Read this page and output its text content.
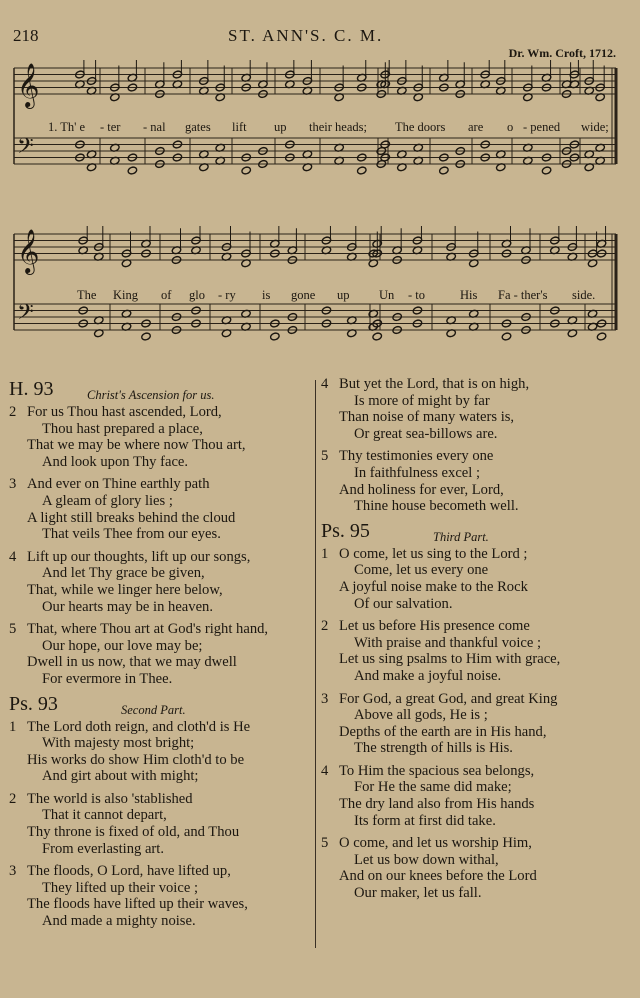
218	ST. ANN'S. C. M.
Dr. Wm. Croft, 1712.
𝄞
𝄢
1. Th' e - ter - nal gates lift up their heads; The doors are o - pened wide;
𝄞
𝄢
The King of glo - ry is gone up Un - to	His Fa - ther's side.
H. 93	Christ's Ascension for us.
2 For us Thou hast ascended, Lord,
Thou hast prepared a place,
That we may be where now Thou art,
And look upon Thy face.
3 And ever on Thine earthly path
A gleam of glory lies ;
A light still breaks behind the cloud
That veils Thee from our eyes.
4 Lift up our thoughts, lift up our songs,
And let Thy grace be given,
That, while we linger here below,
Our hearts may be in heaven.
5 That, where Thou art at God's right hand,
Our hope, our love may be;
Dwell in us now, that we may dwell
For evermore in Thee.
Ps. 93	Second Part.
1 The Lord doth reign, and cloth'd is He
With majesty most bright;
His works do show Him cloth'd to be
And girt about with might;
2 The world is also 'stablished
That it cannot depart,
Thy throne is fixed of old, and Thou
From everlasting art.
3 The floods, O Lord, have lifted up,
They lifted up their voice ;
The floods have lifted up their waves,
And made a mighty noise.
4 But yet the Lord, that is on high,
Is more of might by far
Than noise of many waters is,
Or great sea-billows are.
5 Thy testimonies every one
In faithfulness excel ;
And holiness for ever, Lord,
Thine house becometh well.
Ps. 95	Third Part.
1 O come, let us sing to the Lord ;
Come, let us every one
A joyful noise make to the Rock
Of our salvation.
2 Let us before His presence come
With praise and thankful voice ;
Let us sing psalms to Him with grace,
And make a joyful noise.
3 For God, a great God, and great King
Above all gods, He is ;
Depths of the earth are in His hand,
The strength of hills is His.
4 To Him the spacious sea belongs,
For He the same did make;
The dry land also from His hands
Its form at first did take.
5 O come, and let us worship Him,
Let us bow down withal,
And on our knees before the Lord
Our maker, let us fall.
